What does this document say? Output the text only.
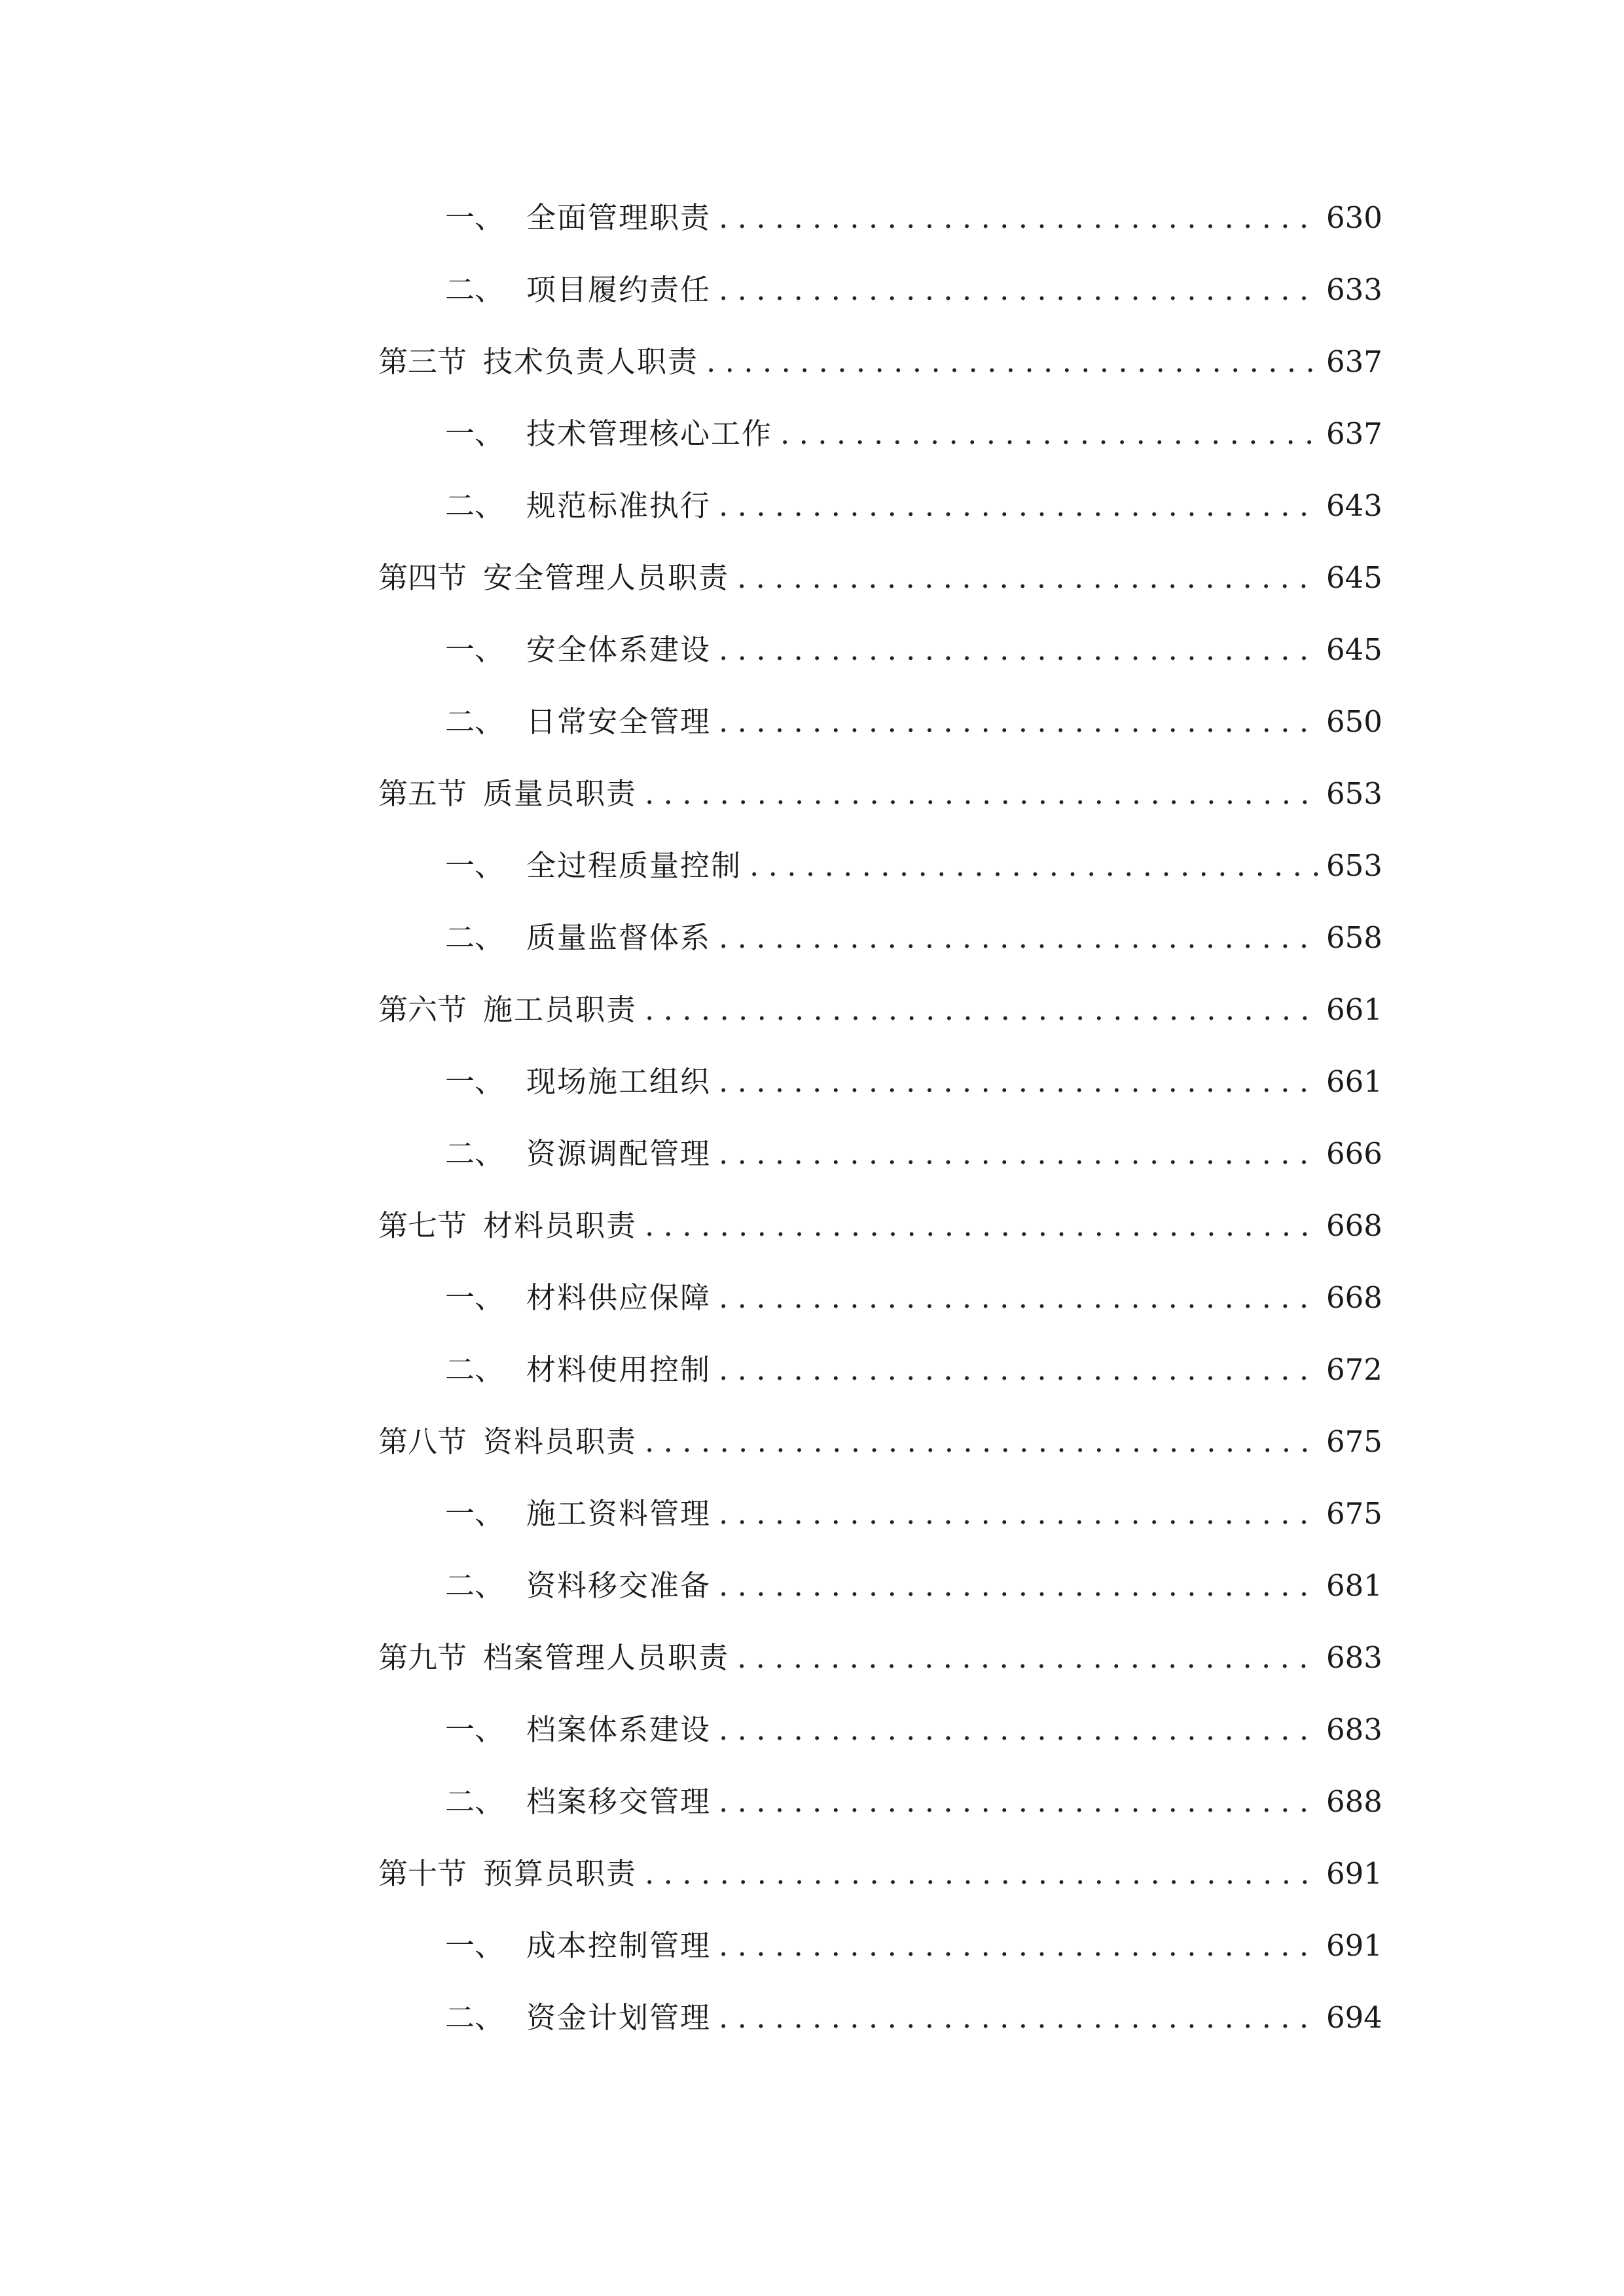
一、 全面管理职责 . . .	630
二、 项目履约责任 . . .	633
第三节 技术负责人职责 . . .	637
一、 技术管理核心工作 . . .	637
二、 规范标准执行 . . .	643
第四节 安全管理人员职责 . . .	645
一、 安全体系建设 . . .	645
二、 日常安全管理 . . .	650
第五节 质量员职责 . . .	653
一、 全过程质量控制 . . .	653
二、 质量监督体系 . . .	658
第六节 施工员职责 . . .	661
一、 现场施工组织 . . .	661
二、 资源调配管理 . . .	666
第七节 材料员职责 . . .	668
一、 材料供应保障 . . .	668
二、 材料使用控制 . . .	672
第八节 资料员职责 . . .	675
一、 施工资料管理 . . .	675
二、 资料移交准备 . . .	681
第九节 档案管理人员职责 . . .	683
一、 档案体系建设 . . .	683
二、 档案移交管理 . . .	688
第十节 预算员职责 . . .	691
一、 成本控制管理 . . .	691
二、 资金计划管理 . . .	694
